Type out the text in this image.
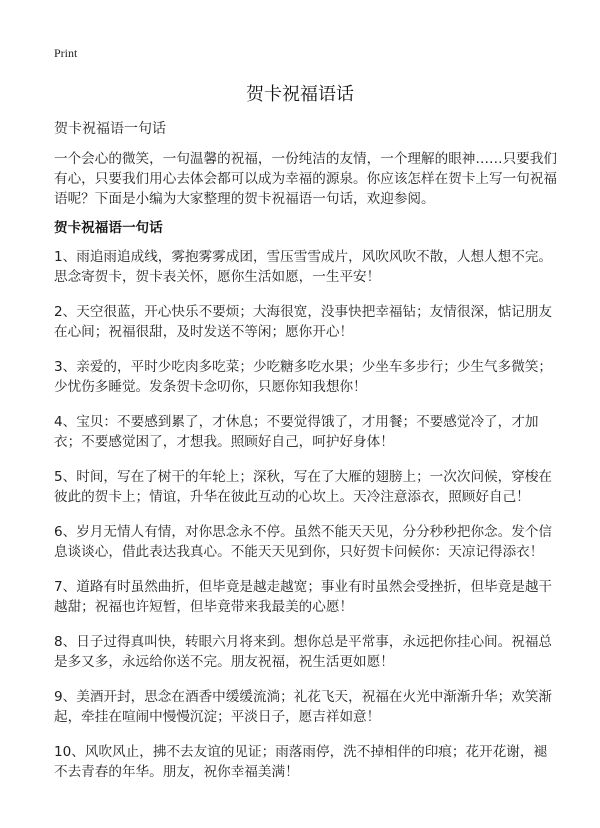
Print
贺卡祝福语话
贺卡祝福语一句话

一个会心的微笑，一句温馨的祝福，一份纯洁的友情，一个理解的眼神……只要我们有心，只要我们用心去体会都可以成为幸福的源泉。你应该怎样在贺卡上写一句祝福语呢？下面是小编为大家整理的贺卡祝福语一句话，欢迎参阅。

贺卡祝福语一句话

1、雨追雨追成线，雾抱雾雾成团，雪压雪雪成片，风吹风吹不散，人想人想不完。思念寄贺卡，贺卡表关怀，愿你生活如愿，一生平安！

2、天空很蓝，开心快乐不要烦；大海很宽，没事快把幸福钻；友情很深，惦记朋友在心间；祝福很甜，及时发送不等闲；愿你开心！

3、亲爱的，平时少吃肉多吃菜；少吃糖多吃水果；少坐车多步行；少生气多微笑；少忧伤多睡觉。发条贺卡念叨你，只愿你知我想你！

4、宝贝：不要感到累了，才休息；不要觉得饿了，才用餐；不要感觉冷了，才加衣；不要感觉困了，才想我。照顾好自己，呵护好身体！

5、时间，写在了树干的年轮上；深秋，写在了大雁的翅膀上；一次次问候，穿梭在彼此的贺卡上；情谊，升华在彼此互动的心坎上。天冷注意添衣，照顾好自己！

6、岁月无情人有情，对你思念永不停。虽然不能天天见，分分秒秒把你念。发个信息谈谈心，借此表达我真心。不能天天见到你，只好贺卡问候你：天凉记得添衣！

7、道路有时虽然曲折，但毕竟是越走越宽；事业有时虽然会受挫折，但毕竟是越干越甜；祝福也许短暂，但毕竟带来我最美的心愿！

8、日子过得真叫快，转眼六月将来到。想你总是平常事，永远把你挂心间。祝福总是多又多，永远给你送不完。朋友祝福，祝生活更如愿！

9、美酒开封，思念在酒香中缓缓流淌；礼花飞天，祝福在火光中渐渐升华；欢笑渐起，牵挂在喧闹中慢慢沉淀；平淡日子，愿吉祥如意！

10、风吹风止，拂不去友谊的见证；雨落雨停，洗不掉相伴的印痕；花开花谢，褪不去青春的年华。朋友，祝你幸福美满！
